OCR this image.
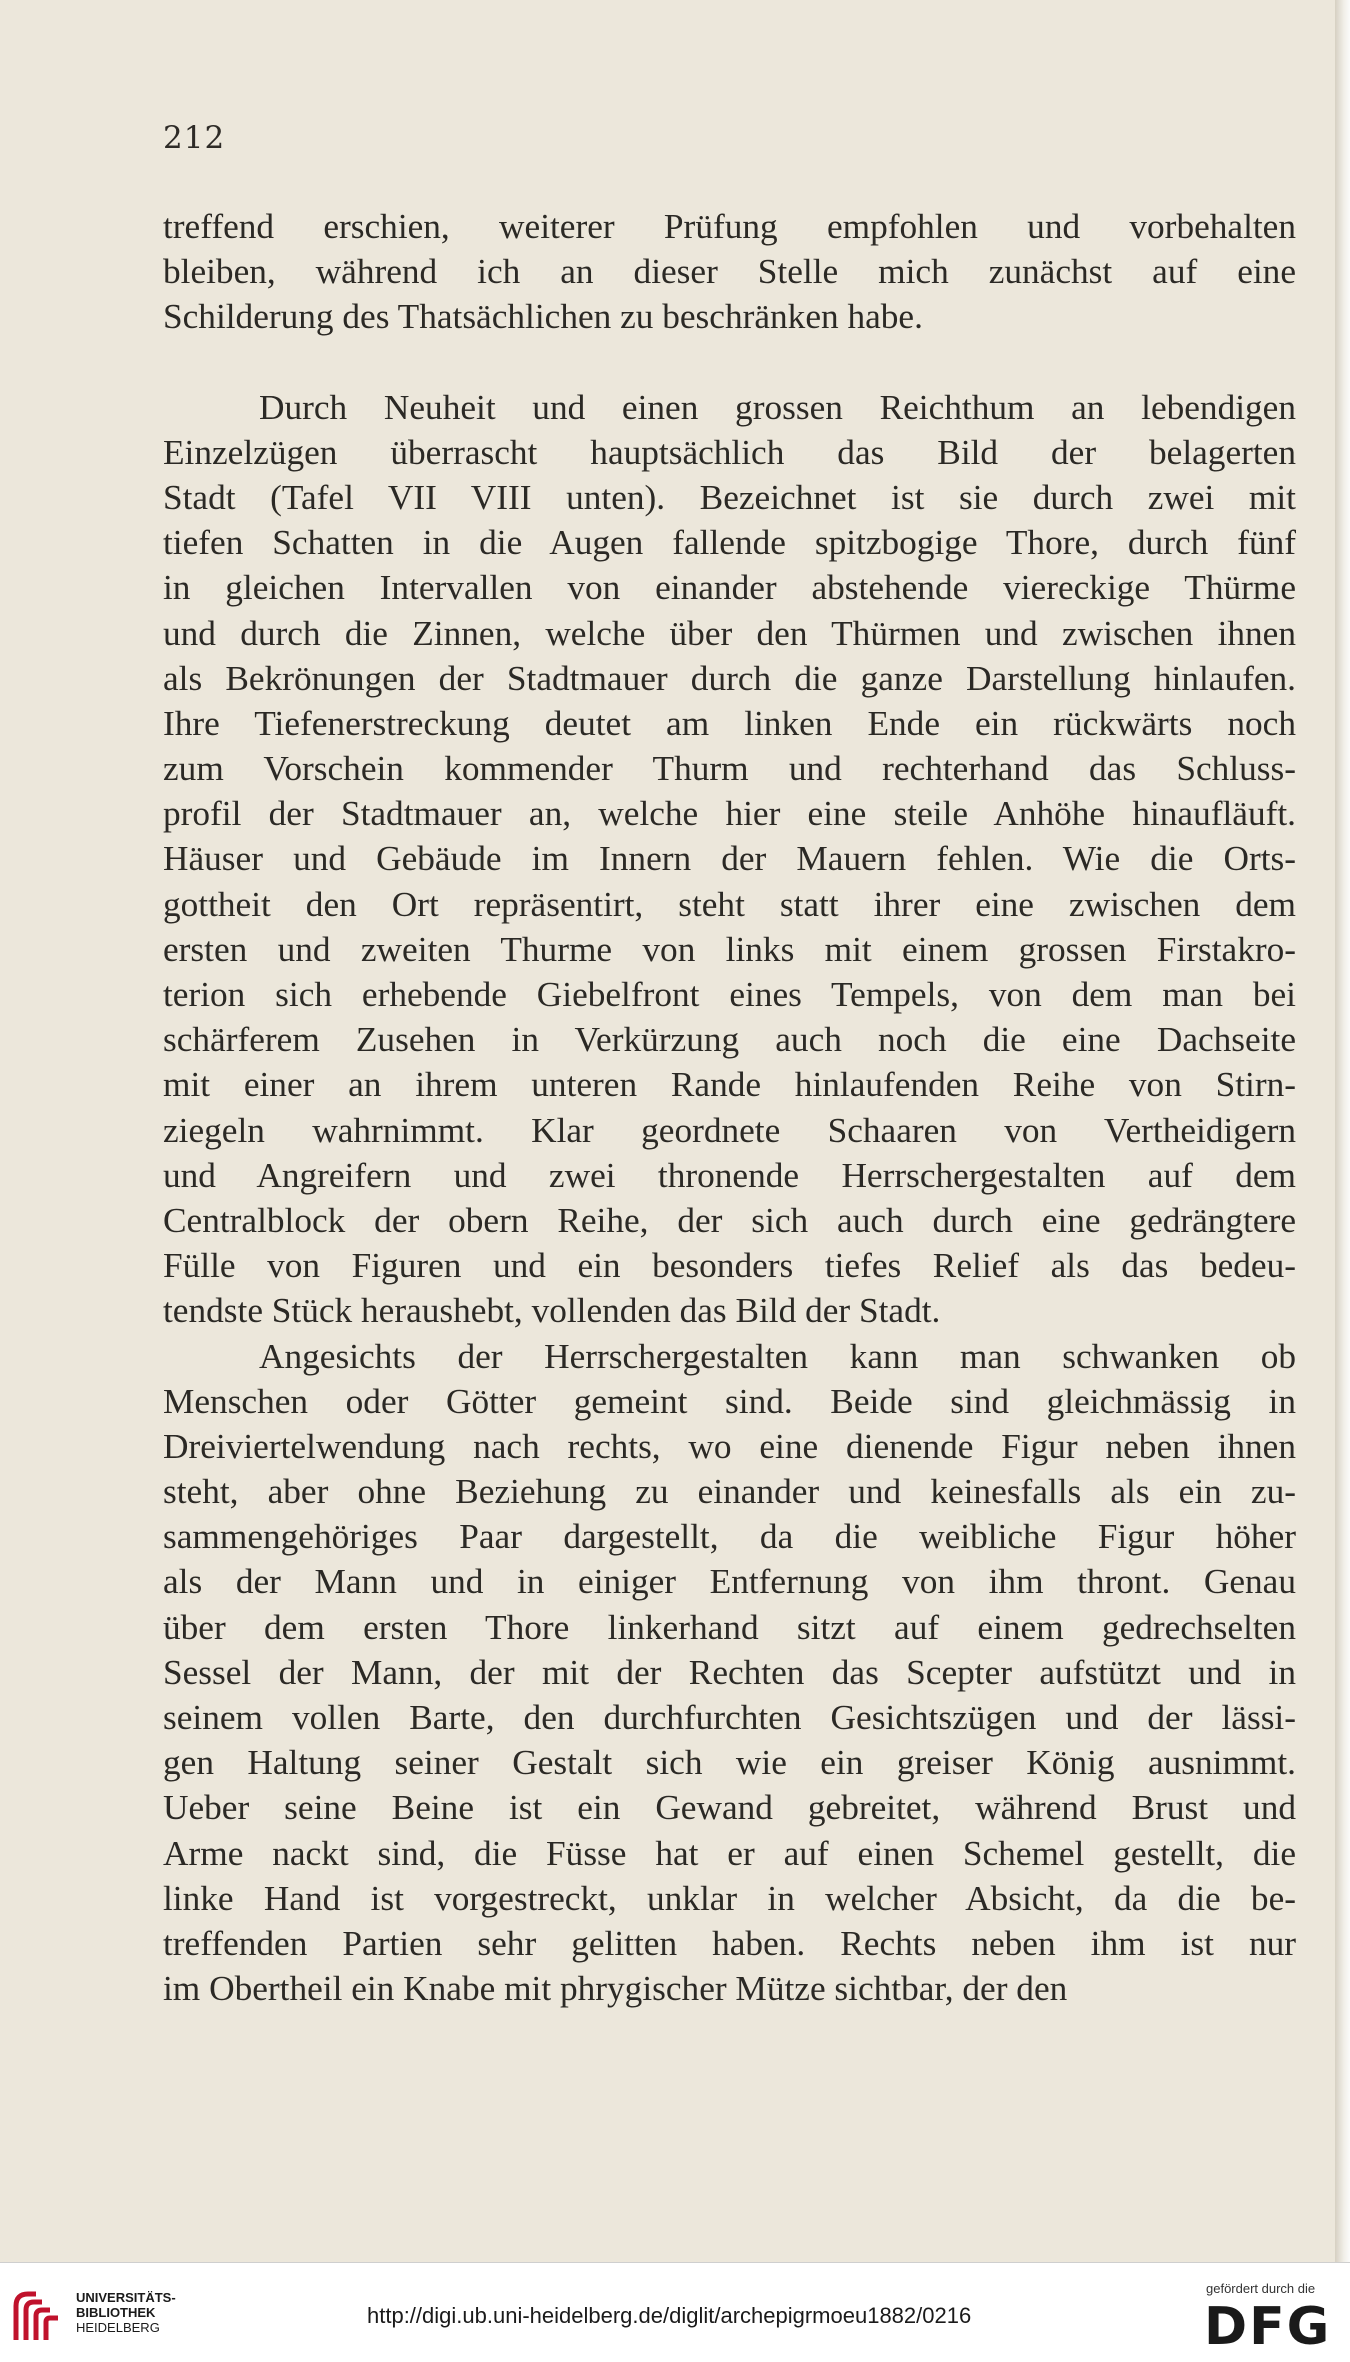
212
treffend erschien, weiterer Prüfung empfohlen und vorbehalten
bleiben, während ich an dieser Stelle mich zunächst auf eine
Schilderung des Thatsächlichen zu beschränken habe.
Durch Neuheit und einen grossen Reichthum an lebendigen
Einzelzügen überrascht hauptsächlich das Bild der belagerten
Stadt (Tafel VII VIII unten). Bezeichnet ist sie durch zwei mit
tiefen Schatten in die Augen fallende spitzbogige Thore, durch fünf
in gleichen Intervallen von einander abstehende viereckige Thürme
und durch die Zinnen, welche über den Thürmen und zwischen ihnen
als Bekrönungen der Stadtmauer durch die ganze Darstellung hinlaufen.
Ihre Tiefenerstreckung deutet am linken Ende ein rückwärts noch
zum Vorschein kommender Thurm und rechterhand das Schluss-
profil der Stadtmauer an, welche hier eine steile Anhöhe hinaufläuft.
Häuser und Gebäude im Innern der Mauern fehlen. Wie die Orts-
gottheit den Ort repräsentirt, steht statt ihrer eine zwischen dem
ersten und zweiten Thurme von links mit einem grossen Firstakro-
terion sich erhebende Giebelfront eines Tempels, von dem man bei
schärferem Zusehen in Verkürzung auch noch die eine Dachseite
mit einer an ihrem unteren Rande hinlaufenden Reihe von Stirn-
ziegeln wahrnimmt. Klar geordnete Schaaren von Vertheidigern
und Angreifern und zwei thronende Herrschergestalten auf dem
Centralblock der obern Reihe, der sich auch durch eine gedrängtere
Fülle von Figuren und ein besonders tiefes Relief als das bedeu-
tendste Stück heraushebt, vollenden das Bild der Stadt.
Angesichts der Herrschergestalten kann man schwanken ob
Menschen oder Götter gemeint sind. Beide sind gleichmässig in
Dreiviertelwendung nach rechts, wo eine dienende Figur neben ihnen
steht, aber ohne Beziehung zu einander und keinesfalls als ein zu-
sammengehöriges Paar dargestellt, da die weibliche Figur höher
als der Mann und in einiger Entfernung von ihm thront. Genau
über dem ersten Thore linkerhand sitzt auf einem gedrechselten
Sessel der Mann, der mit der Rechten das Scepter aufstützt und in
seinem vollen Barte, den durchfurchten Gesichtszügen und der lässi-
gen Haltung seiner Gestalt sich wie ein greiser König ausnimmt.
Ueber seine Beine ist ein Gewand gebreitet, während Brust und
Arme nackt sind, die Füsse hat er auf einen Schemel gestellt, die
linke Hand ist vorgestreckt, unklar in welcher Absicht, da die be-
treffenden Partien sehr gelitten haben. Rechts neben ihm ist nur
im Obertheil ein Knabe mit phrygischer Mütze sichtbar, der den
UNIVERSITÄTS-
BIBLIOTHEK
HEIDELBERG	http://digi.ub.uni-heidelberg.de/diglit/archepigrmoeu1882/0216
gefördert durch die
DFG
